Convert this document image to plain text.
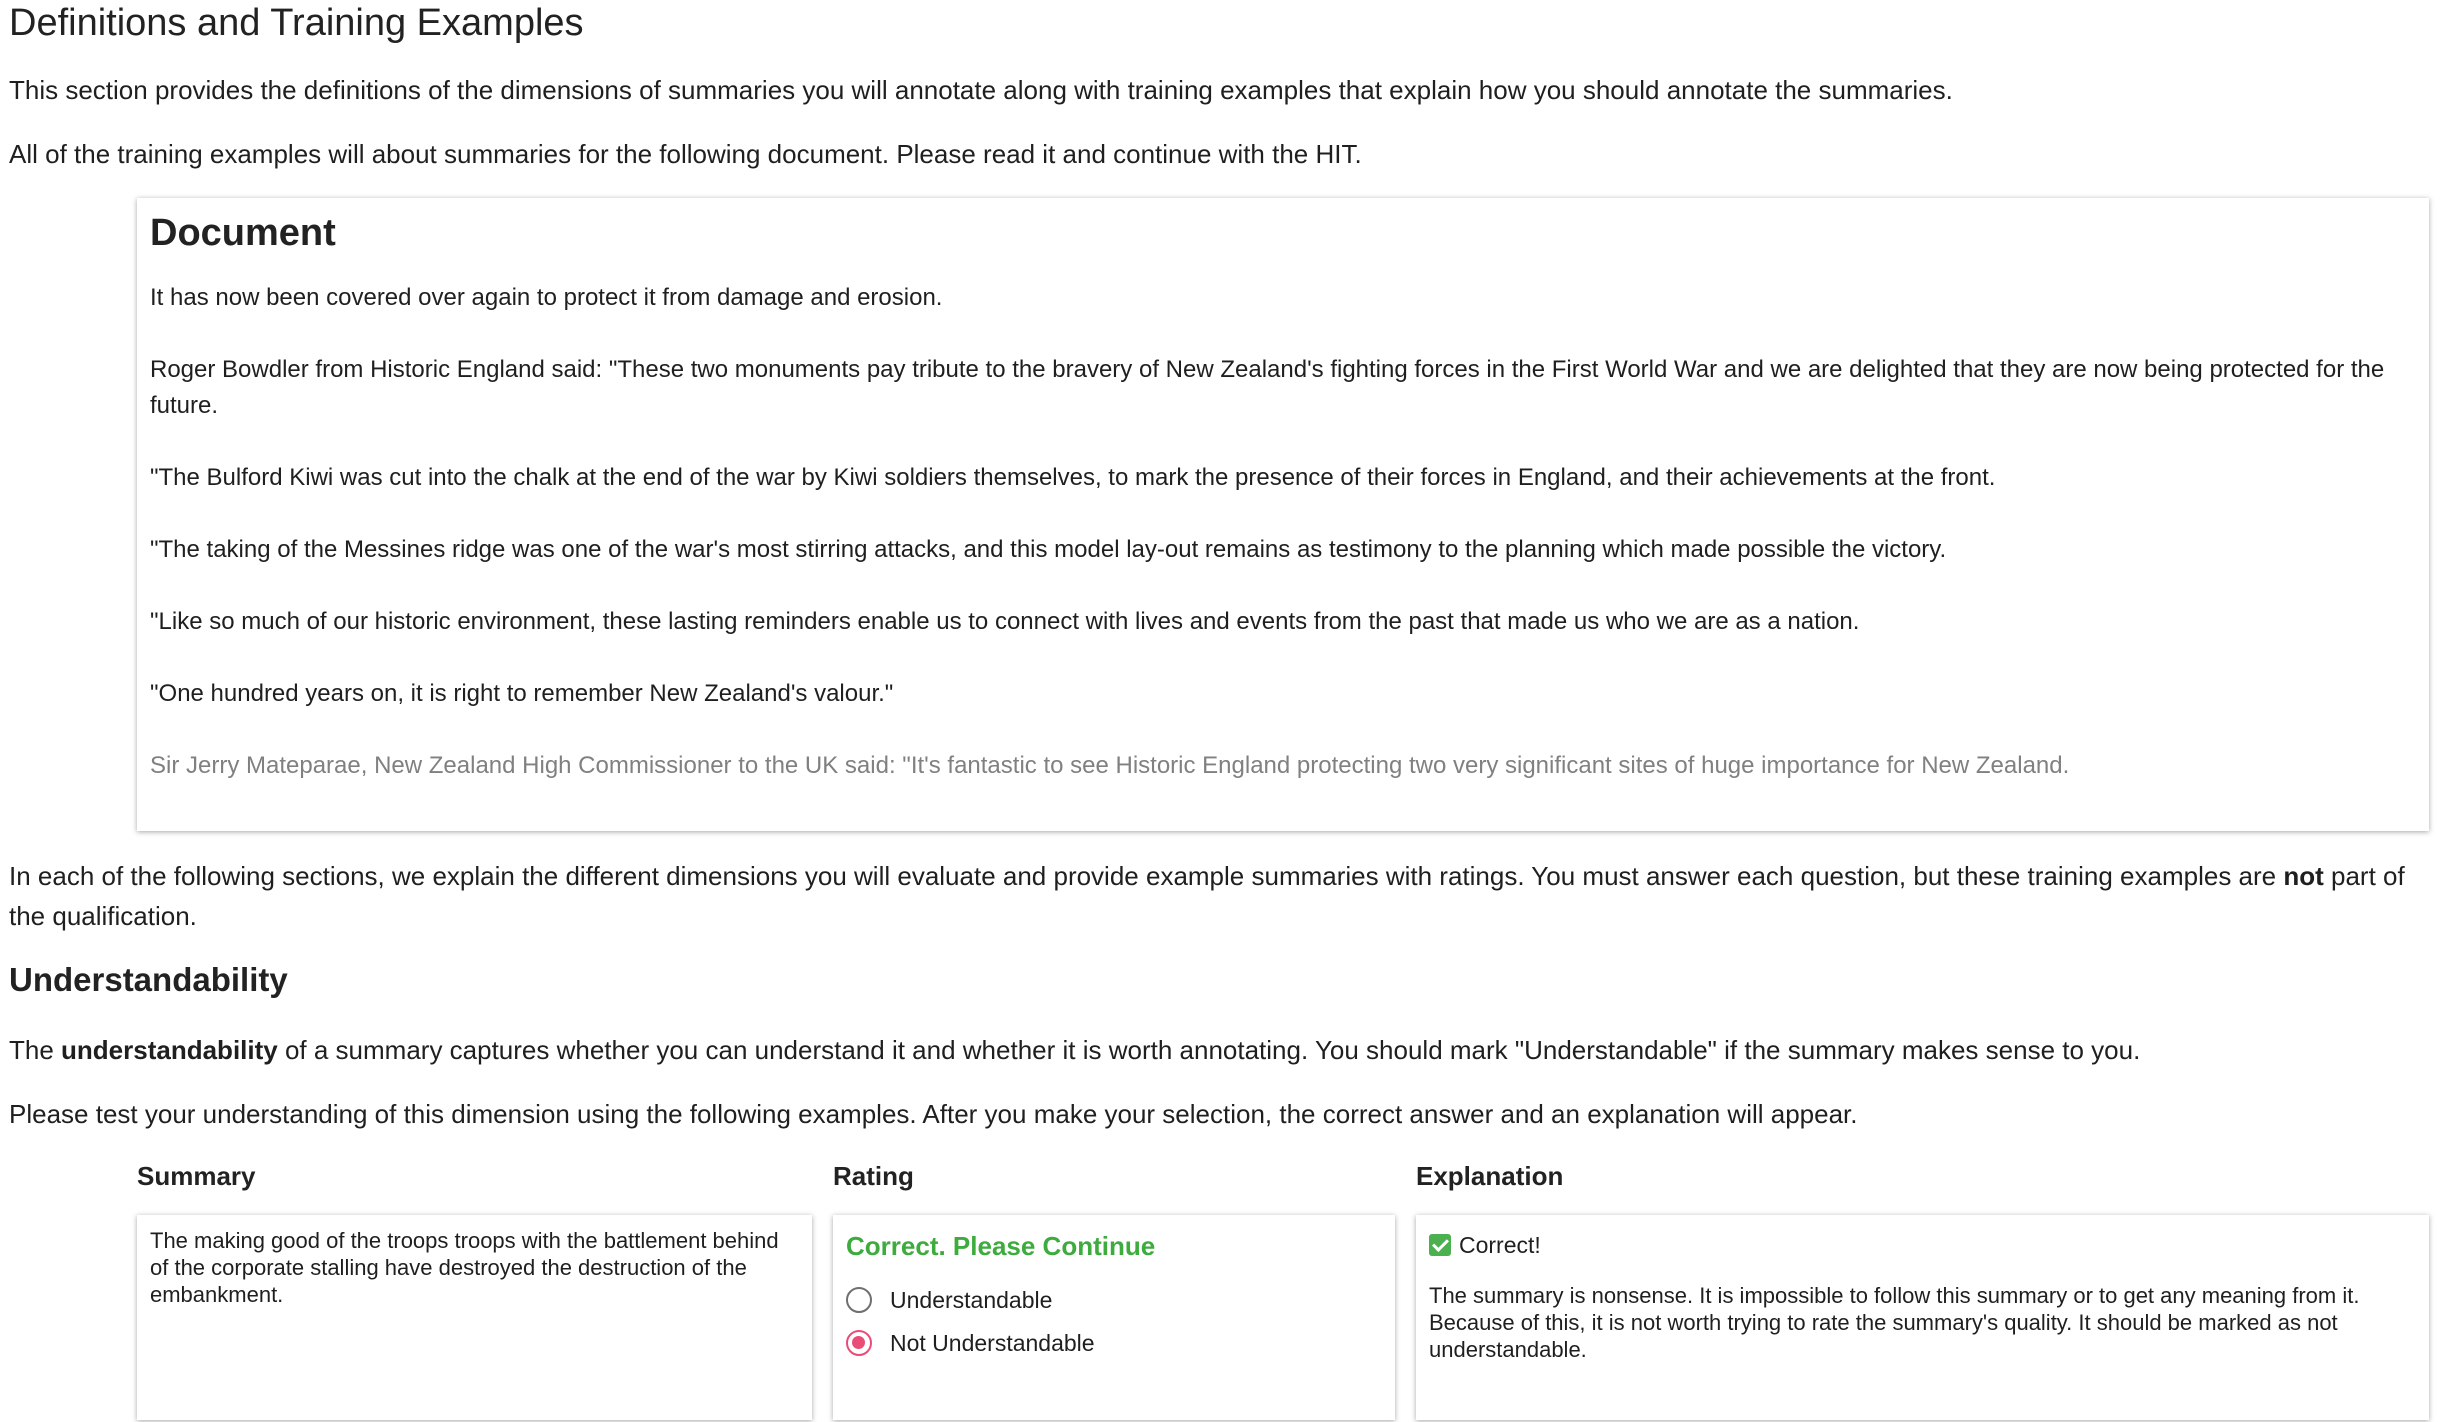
Definitions and Training Examples

This section provides the definitions of the dimensions of summaries you will annotate along with training examples that explain how you should annotate the summaries.

All of the training examples will about summaries for the following document. Please read it and continue with the HIT.

Document

It has now been covered over again to protect it from damage and erosion.

Roger Bowdler from Historic England said: "These two monuments pay tribute to the bravery of New Zealand's fighting forces in the First World War and we are delighted that they are now being protected for the future.

"The Bulford Kiwi was cut into the chalk at the end of the war by Kiwi soldiers themselves, to mark the presence of their forces in England, and their achievements at the front.

"The taking of the Messines ridge was one of the war's most stirring attacks, and this model lay-out remains as testimony to the planning which made possible the victory.

"Like so much of our historic environment, these lasting reminders enable us to connect with lives and events from the past that made us who we are as a nation.

"One hundred years on, it is right to remember New Zealand's valour."

Sir Jerry Mateparae, New Zealand High Commissioner to the UK said: "It's fantastic to see Historic England protecting two very significant sites of huge importance for New Zealand.

In each of the following sections, we explain the different dimensions you will evaluate and provide example summaries with ratings. You must answer each question, but these training examples are not part of the qualification.

Understandability

The understandability of a summary captures whether you can understand it and whether it is worth annotating. You should mark "Understandable" if the summary makes sense to you.

Please test your understanding of this dimension using the following examples. After you make your selection, the correct answer and an explanation will appear.

Summary	Rating	Explanation

The making good of the troops troops with the battlement behind of the corporate stalling have destroyed the destruction of the embankment.

Correct. Please Continue

Understandable
Not Understandable

Correct!

The summary is nonsense. It is impossible to follow this summary or to get any meaning from it. Because of this, it is not worth trying to rate the summary's quality. It should be marked as not understandable.
